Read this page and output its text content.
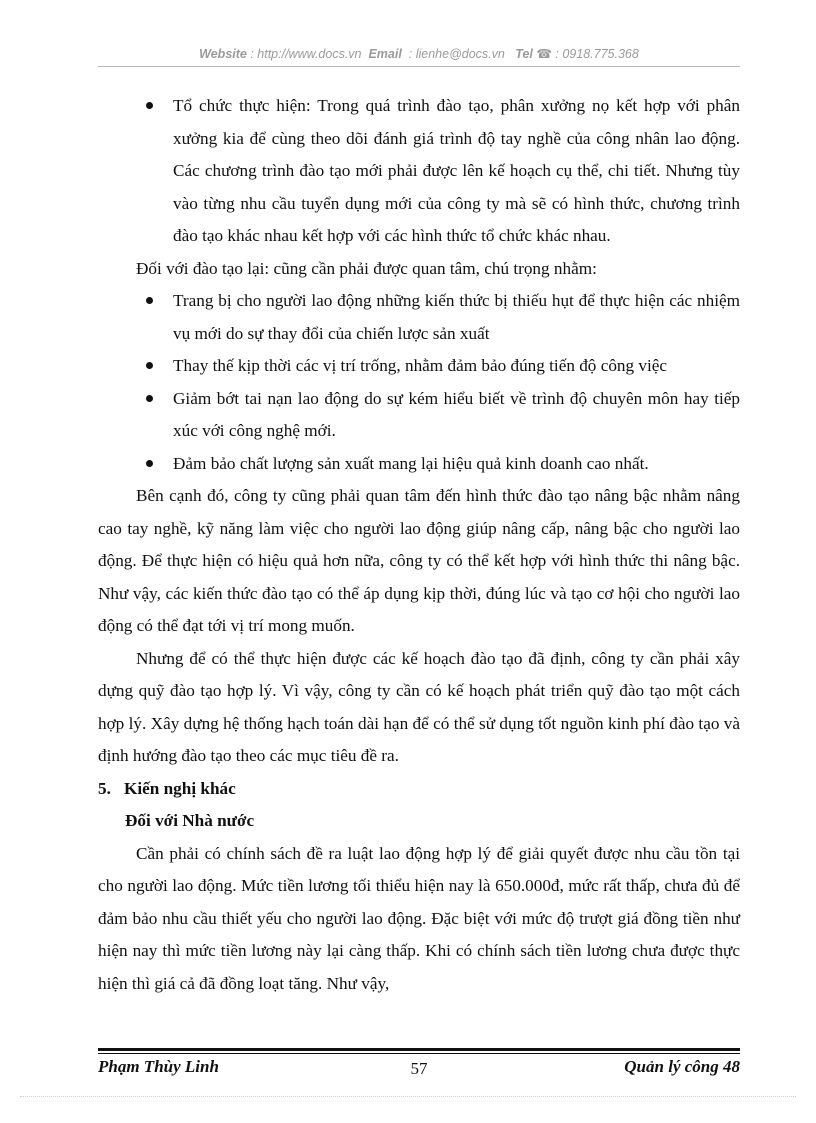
Website : http://www.docs.vn Email : lienhe@docs.vn Tel ☎ : 0918.775.368

Tổ chức thực hiện: Trong quá trình đào tạo, phân xưởng nọ kết hợp với phân xưởng kia để cùng theo dõi đánh giá trình độ tay nghề của công nhân lao động. Các chương trình đào tạo mới phải được lên kế hoạch cụ thể, chi tiết. Nhưng tùy vào từng nhu cầu tuyển dụng mới của công ty mà sẽ có hình thức, chương trình đào tạo khác nhau kết hợp với các hình thức tổ chức khác nhau.

Đối với đào tạo lại: cũng cần phải được quan tâm, chú trọng nhằm:

Trang bị cho người lao động những kiến thức bị thiếu hụt để thực hiện các nhiệm vụ mới do sự thay đổi của chiến lược sản xuất

Thay thế kịp thời các vị trí trống, nhằm đảm bảo đúng tiến độ công việc

Giảm bớt tai nạn lao động do sự kém hiểu biết về trình độ chuyên môn hay tiếp xúc với công nghệ mới.

Đảm bảo chất lượng sản xuất mang lại hiệu quả kinh doanh cao nhất.

Bên cạnh đó, công ty cũng phải quan tâm đến hình thức đào tạo nâng bậc nhằm nâng cao tay nghề, kỹ năng làm việc cho người lao động giúp nâng cấp, nâng bậc cho người lao động. Để thực hiện có hiệu quả hơn nữa, công ty có thể kết hợp với hình thức thi nâng bậc. Như vậy, các kiến thức đào tạo có thể áp dụng kịp thời, đúng lúc và tạo cơ hội cho người lao động có thể đạt tới vị trí mong muốn.

Nhưng để có thể thực hiện được các kế hoạch đào tạo đã định, công ty cần phải xây dựng quỹ đào tạo hợp lý. Vì vậy, công ty cần có kế hoạch phát triển quỹ đào tạo một cách hợp lý. Xây dựng hệ thống hạch toán dài hạn để có thể sử dụng tốt nguồn kinh phí đào tạo và định hướng đào tạo theo các mục tiêu đề ra.

5. Kiến nghị khác

Đối với Nhà nước

Cần phải có chính sách đề ra luật lao động hợp lý để giải quyết được nhu cầu tồn tại cho người lao động. Mức tiền lương tối thiểu hiện nay là 650.000đ, mức rất thấp, chưa đủ để đảm bảo nhu cầu thiết yếu cho người lao động. Đặc biệt với mức độ trượt giá đồng tiền như hiện nay thì mức tiền lương này lại càng thấp. Khi có chính sách tiền lương chưa được thực hiện thì giá cả đã đồng loạt tăng. Như vậy,

Phạm Thùy Linh	57	Quản lý công 48
